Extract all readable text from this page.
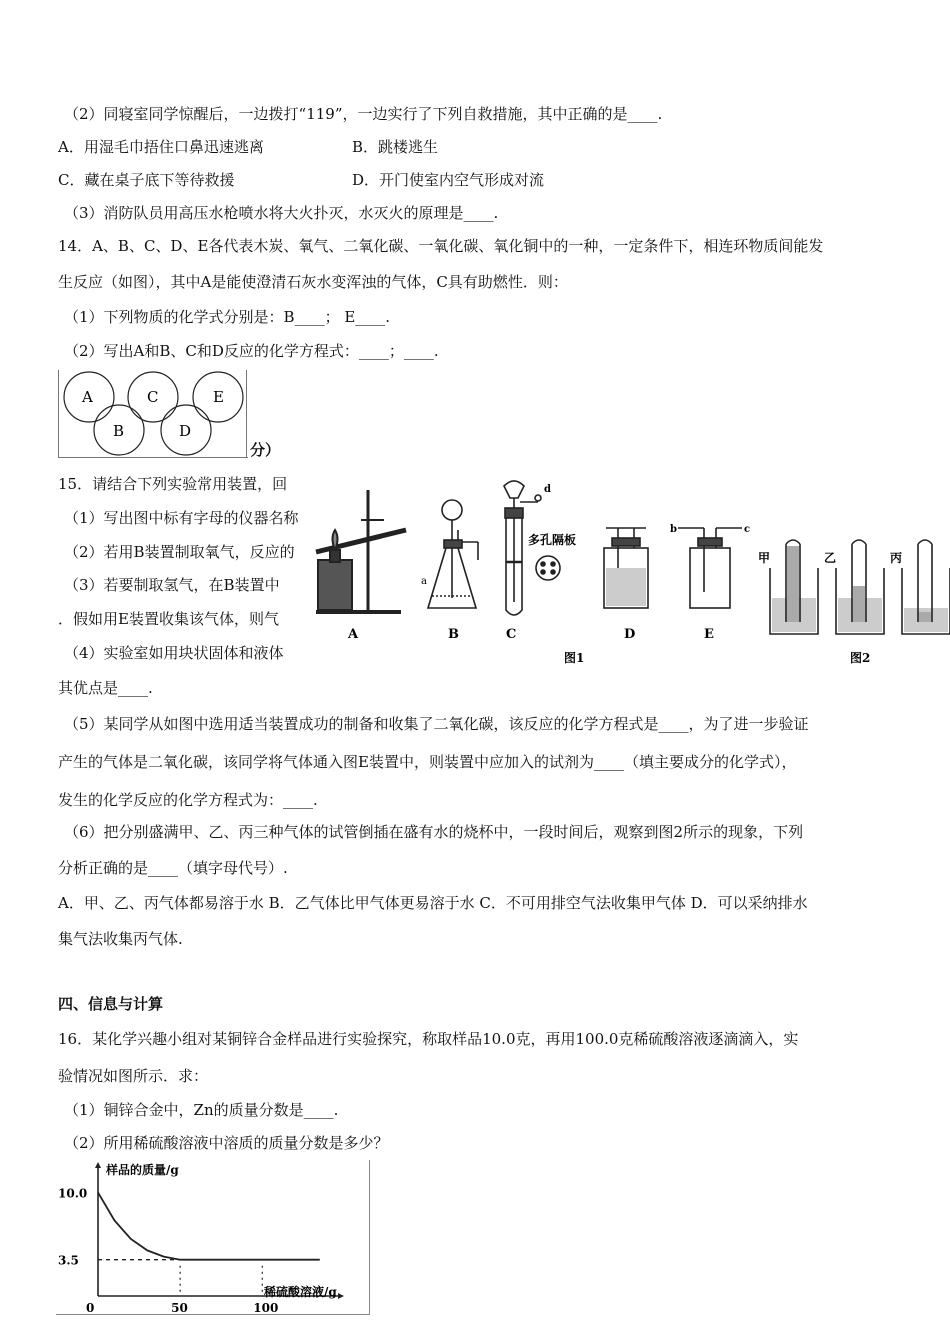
（2）同寝室同学惊醒后，一边拨打“119”，一边实行了下列自救措施，其中正确的是____.
A．用湿毛巾捂住口鼻迅速逃离	B．跳楼逃生
C．藏在桌子底下等待救援	D．开门使室内空气形成对流
（3）消防队员用高压水枪喷水将大火扑灭，水灭火的原理是____.
14．A、B、C、D、E各代表木炭、氧气、二氧化碳、一氧化碳、氧化铜中的一种，一定条件下，相连环物质间能发
生反应（如图），其中A是能使澄清石灰水变浑浊的气体，C具有助燃性．则：
（1）下列物质的化学式分别是：B____； E____.
（2）写出A和B、C和D反应的化学方程式：____；____.
A
B
C
D
E
分）
15．请结合下列实验常用装置，回
（1）写出图中标有字母的仪器名称
（2）若用B装置制取氧气，反应的
（3）若要制取氢气，在B装置中
．假如用E装置收集该气体，则气
（4）实验室如用块状固体和液体
A
a
B
d
多孔隔板
C	D
b	c
E
图1
甲	乙	丙
图2
其优点是____.
（5）某同学从如图中选用适当装置成功的制备和收集了二氧化碳，该反应的化学方程式是____，为了进一步验证
产生的气体是二氧化碳，该同学将气体通入图E装置中，则装置中应加入的试剂为____（填主要成分的化学式），
发生的化学反应的化学方程式为：____.
（6）把分别盛满甲、乙、丙三种气体的试管倒插在盛有水的烧杯中，一段时间后，观察到图2所示的现象，下列
分析正确的是____（填字母代号）.
A．甲、乙、丙气体都易溶于水 B．乙气体比甲气体更易溶于水 C．不可用排空气法收集甲气体 D．可以采纳排水
集气法收集丙气体.
四、信息与计算
16．某化学兴趣小组对某铜锌合金样品进行实验探究，称取样品10.0克，再用100.0克稀硫酸溶液逐滴滴入，实
验情况如图所示．求：
（1）铜锌合金中，Zn的质量分数是____.
（2）所用稀硫酸溶液中溶质的质量分数是多少？
0	50	100
10.0
3.5
样品的质量/g
稀硫酸溶液/g
